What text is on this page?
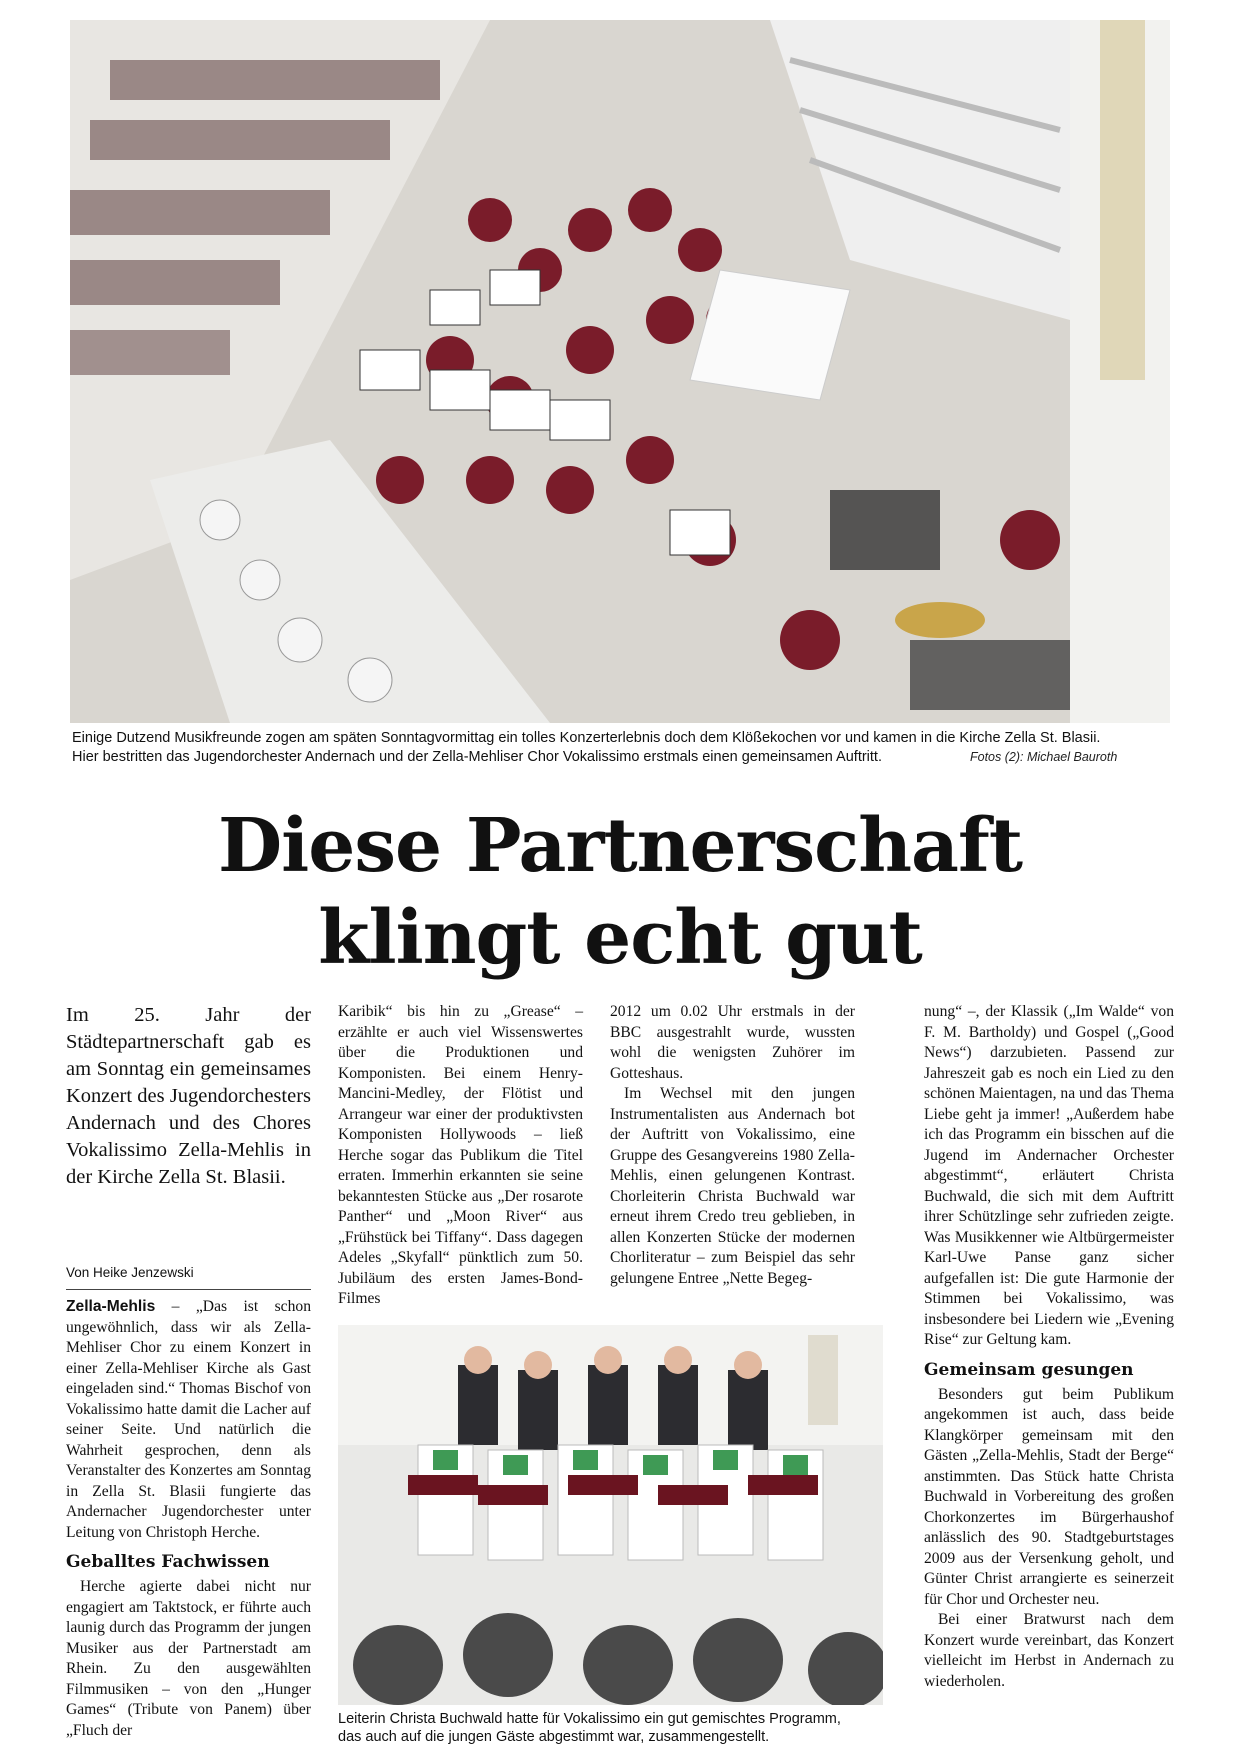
Einige Dutzend Musikfreunde zogen am späten Sonntagvormittag ein tolles Konzerterlebnis doch dem Klößekochen vor und kamen in die Kirche Zella St. Blasii.
Hier bestritten das Jugendorchester Andernach und der Zella-Mehliser Chor Vokalissimo erstmals einen gemeinsamen Auftritt.	Fotos (2): Michael Bauroth
Diese Partnerschaft
klingt echt gut
Im 25. Jahr der Städtepartnerschaft gab es am Sonntag ein gemeinsames Konzert des Jugendorchesters Andernach und des Chores Vokalissimo Zella-Mehlis in der Kirche Zella St. Blasii.
Von Heike Jenzewski

Zella-Mehlis – „Das ist schon ungewöhnlich, dass wir als Zella-Mehliser Chor zu einem Konzert in einer Zella-Mehliser Kirche als Gast eingeladen sind.“ Thomas Bischof von Vokalissimo hatte damit die Lacher auf seiner Seite. Und natürlich die Wahrheit gesprochen, denn als Veranstalter des Konzertes am Sonntag in Zella St. Blasii fungierte das Andernacher Jugendorchester unter Leitung von Christoph Herche.

Geballtes Fachwissen

Herche agierte dabei nicht nur engagiert am Taktstock, er führte auch launig durch das Programm der jungen Musiker aus der Partnerstadt am Rhein. Zu den ausgewählten Filmmusiken – von den „Hunger Games“ (Tribute von Panem) über „Fluch der

Karibik“ bis hin zu „Grease“ – erzählte er auch viel Wissenswertes über die Produktionen und Komponisten. Bei einem Henry-Mancini-Medley, der Flötist und Arrangeur war einer der produktivsten Komponisten Hollywoods – ließ Herche sogar das Publikum die Titel erraten. Immerhin erkannten sie seine bekanntesten Stücke aus „Der rosarote Panther“ und „Moon River“ aus „Frühstück bei Tiffany“. Dass dagegen Adeles „Skyfall“ pünktlich zum 50. Jubiläum des ersten James-Bond-Filmes

2012 um 0.02 Uhr erstmals in der BBC ausgestrahlt wurde, wussten wohl die wenigsten Zuhörer im Gotteshaus.

Im Wechsel mit den jungen Instrumentalisten aus Andernach bot der Auftritt von Vokalissimo, eine Gruppe des Gesangvereins 1980 Zella-Mehlis, einen gelungenen Kontrast. Chorleiterin Christa Buchwald war erneut ihrem Credo treu geblieben, in allen Konzerten Stücke der modernen Chorliteratur – zum Beispiel das sehr gelungene Entree „Nette Begeg-

Leiterin Christa Buchwald hatte für Vokalissimo ein gut gemischtes Programm,
das auch auf die jungen Gäste abgestimmt war, zusammengestellt.

nung“ –, der Klassik („Im Walde“ von F. M. Bartholdy) und Gospel („Good News“) darzubieten. Passend zur Jahreszeit gab es noch ein Lied zu den schönen Maientagen, na und das Thema Liebe geht ja immer! „Außerdem habe ich das Programm ein bisschen auf die Jugend im Andernacher Orchester abgestimmt“, erläutert Christa Buchwald, die sich mit dem Auftritt ihrer Schützlinge sehr zufrieden zeigte. Was Musikkenner wie Altbürgermeister Karl-Uwe Panse ganz sicher aufgefallen ist: Die gute Harmonie der Stimmen bei Vokalissimo, was insbesondere bei Liedern wie „Evening Rise“ zur Geltung kam.

Gemeinsam gesungen

Besonders gut beim Publikum angekommen ist auch, dass beide Klangkörper gemeinsam mit den Gästen „Zella-Mehlis, Stadt der Berge“ anstimmten. Das Stück hatte Christa Buchwald in Vorbereitung des großen Chorkonzertes im Bürgerhaushof anlässlich des 90. Stadtgeburtstages 2009 aus der Versenkung geholt, und Günter Christ arrangierte es seinerzeit für Chor und Orchester neu.

Bei einer Bratwurst nach dem Konzert wurde vereinbart, das Konzert vielleicht im Herbst in Andernach zu wiederholen.
